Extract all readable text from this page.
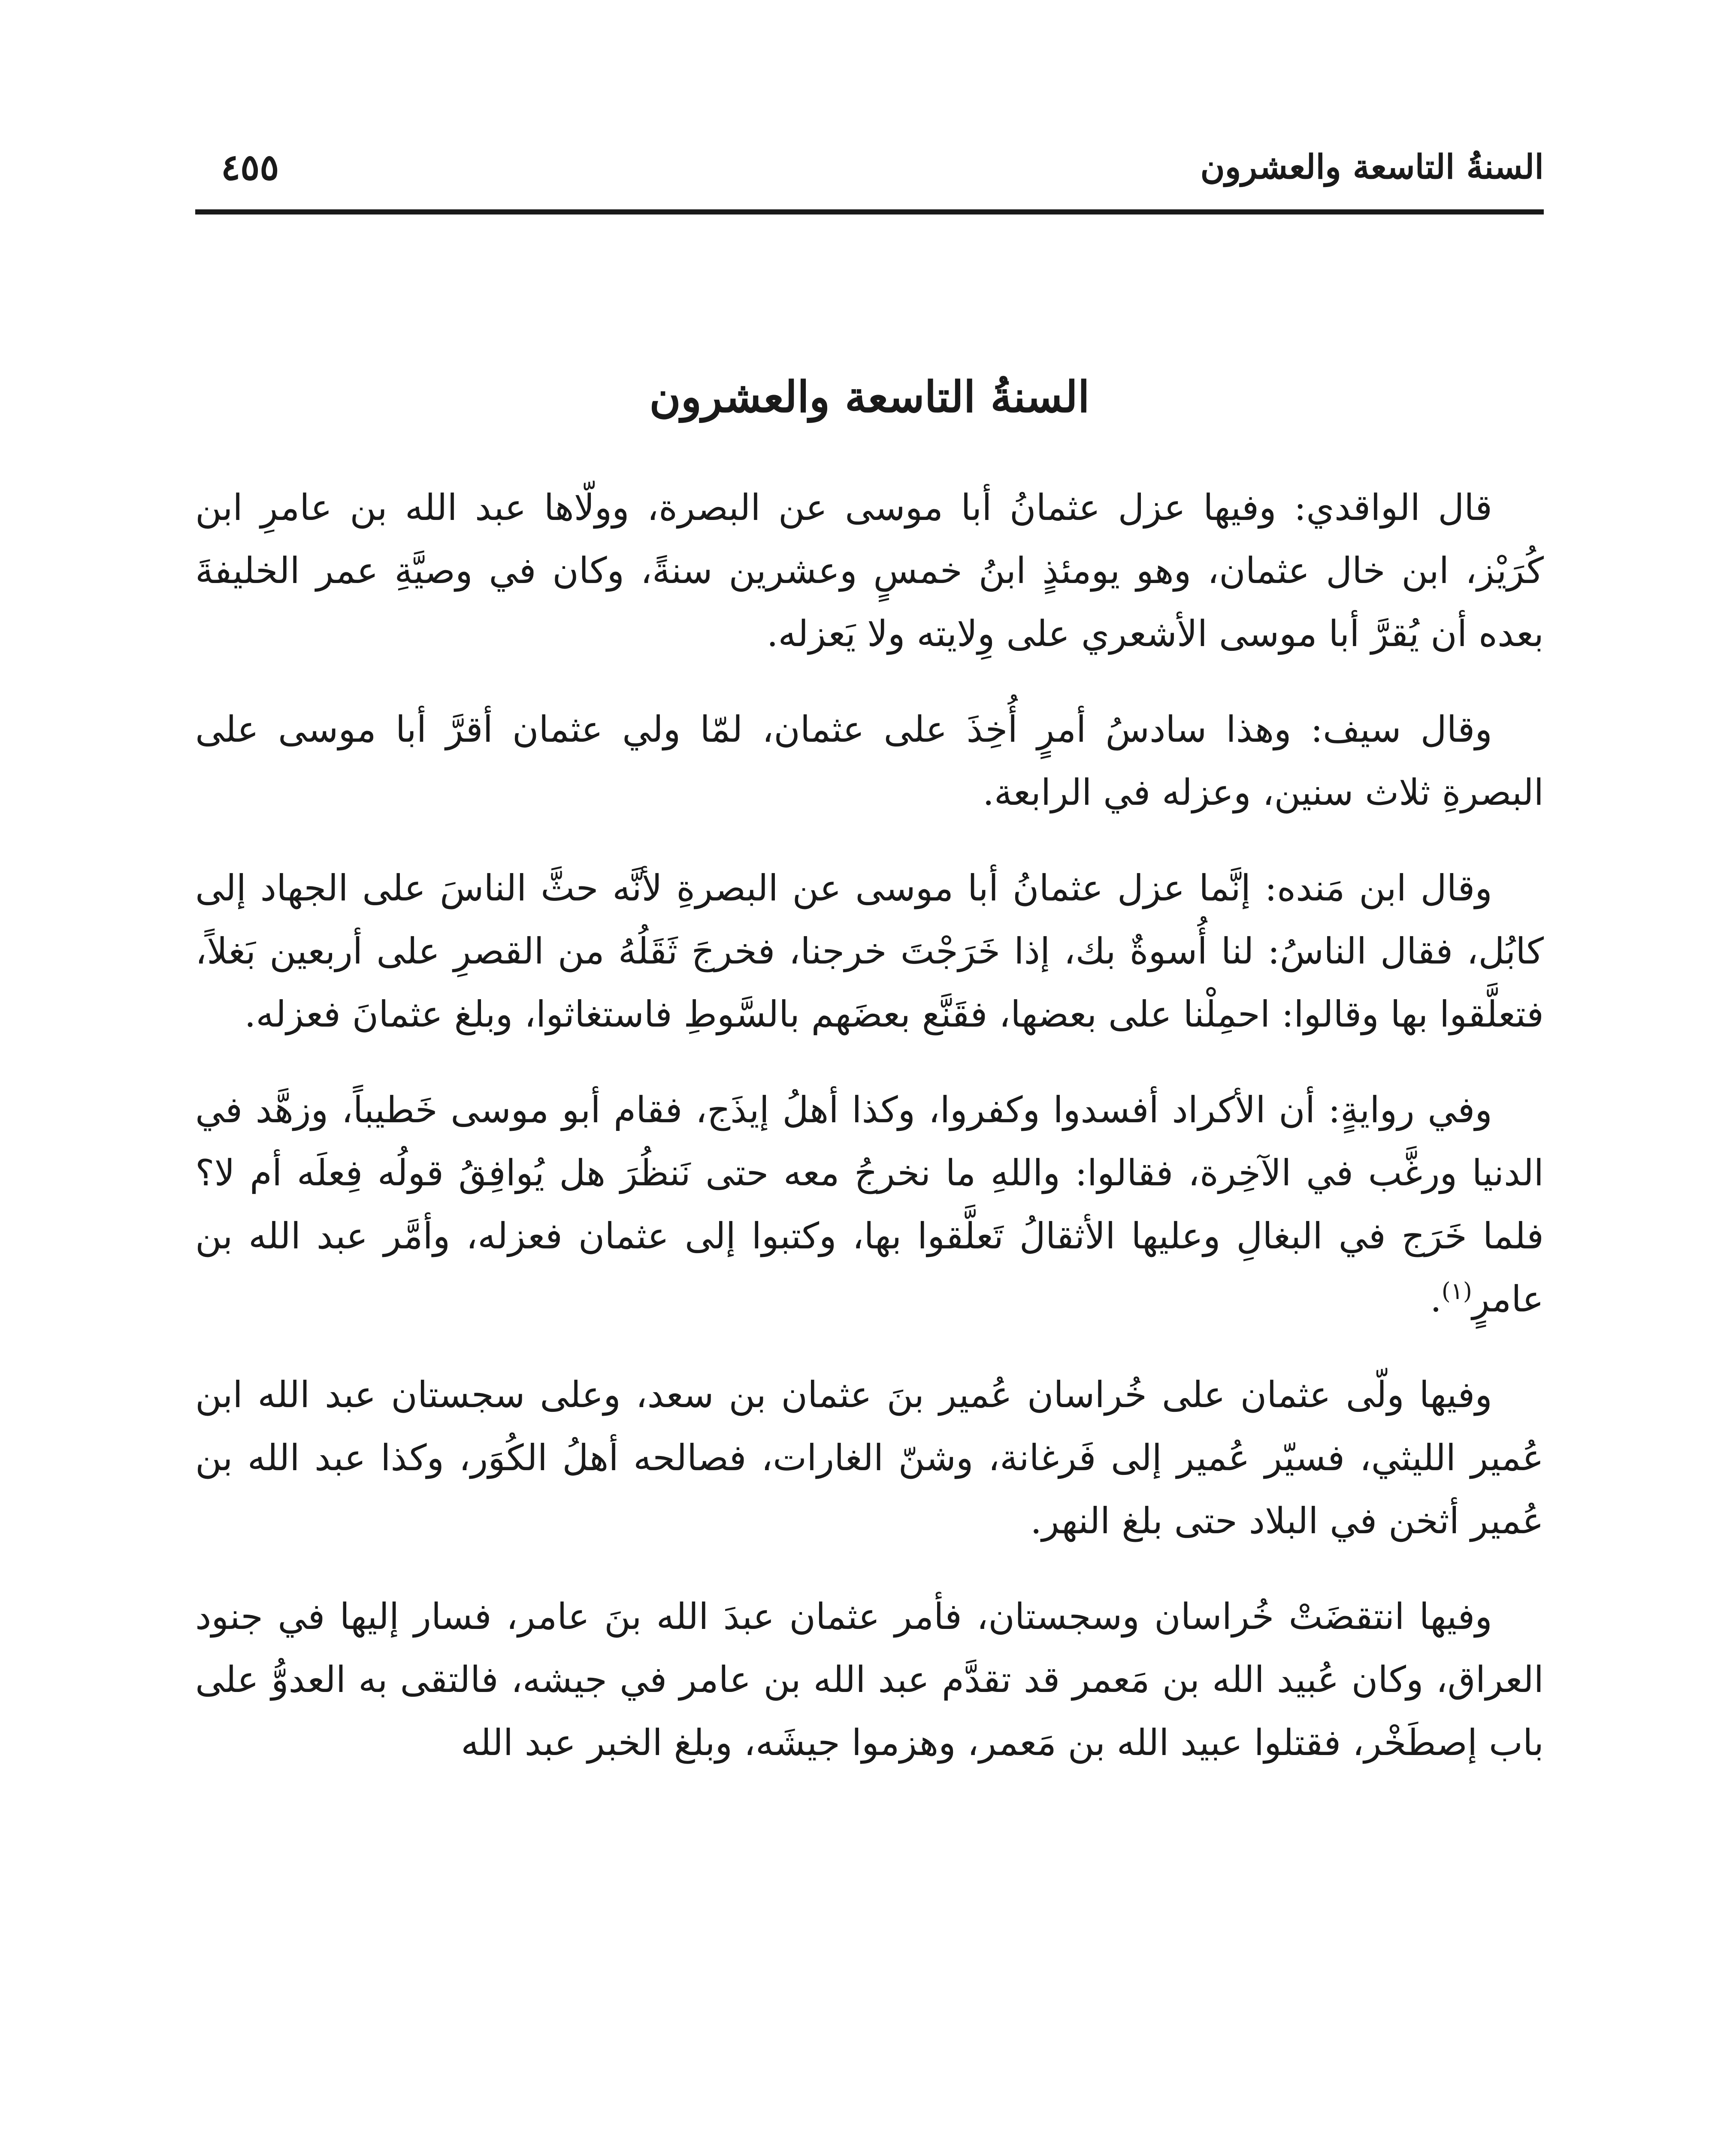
السنةُ التاسعة والعشرون
٤٥٥
السنةُ التاسعة والعشرون

قال الواقدي: وفيها عزل عثمانُ أبا موسى عن البصرة، وولّاها عبد الله بن عامرِ ابن كُرَيْز، ابن خال عثمان، وهو يومئذٍ ابنُ خمسٍ وعشرين سنةً، وكان في وصيَّةِ عمر الخليفةَ بعده أن يُقرَّ أبا موسى الأشعري على وِلايته ولا يَعزله.

وقال سيف: وهذا سادسُ أمرٍ أُخِذَ على عثمان، لمّا ولي عثمان أقرَّ أبا موسى على البصرةِ ثلاث سنين، وعزله في الرابعة.

وقال ابن مَنده: إنَّما عزل عثمانُ أبا موسى عن البصرةِ لأنَّه حثَّ الناسَ على الجهاد إلى كابُل، فقال الناسُ: لنا أُسوةٌ بك، إذا خَرَجْتَ خرجنا، فخرجَ ثَقَلُهُ من القصرِ على أربعين بَغلاً، فتعلَّقوا بها وقالوا: احمِلْنا على بعضها، فقَنَّع بعضَهم بالسَّوطِ فاستغاثوا، وبلغ عثمانَ فعزله.

وفي روايةٍ: أن الأكراد أفسدوا وكفروا، وكذا أهلُ إيذَج، فقام أبو موسى خَطيباً، وزهَّد في الدنيا ورغَّب في الآخِرة، فقالوا: واللهِ ما نخرجُ معه حتى نَنظُرَ هل يُوافِقُ قولُه فِعلَه أم لا؟ فلما خَرَج في البغالِ وعليها الأثقالُ تَعلَّقوا بها، وكتبوا إلى عثمان فعزله، وأمَّر عبد الله بن عامرٍ$^{(١)}$.

وفيها ولّى عثمان على خُراسان عُمير بنَ عثمان بن سعد، وعلى سجستان عبد الله ابن عُمير الليثي، فسيّر عُمير إلى فَرغانة، وشنّ الغارات، فصالحه أهلُ الكُوَر، وكذا عبد الله بن عُمير أثخن في البلاد حتى بلغ النهر.

وفيها انتقضَتْ خُراسان وسجستان، فأمر عثمان عبدَ الله بنَ عامر، فسار إليها في جنود العراق، وكان عُبيد الله بن مَعمر قد تقدَّم عبد الله بن عامر في جيشه، فالتقى به العدوُّ على باب إصطَخْر، فقتلوا عبيد الله بن مَعمر، وهزموا جيشَه، وبلغ الخبر عبد الله
